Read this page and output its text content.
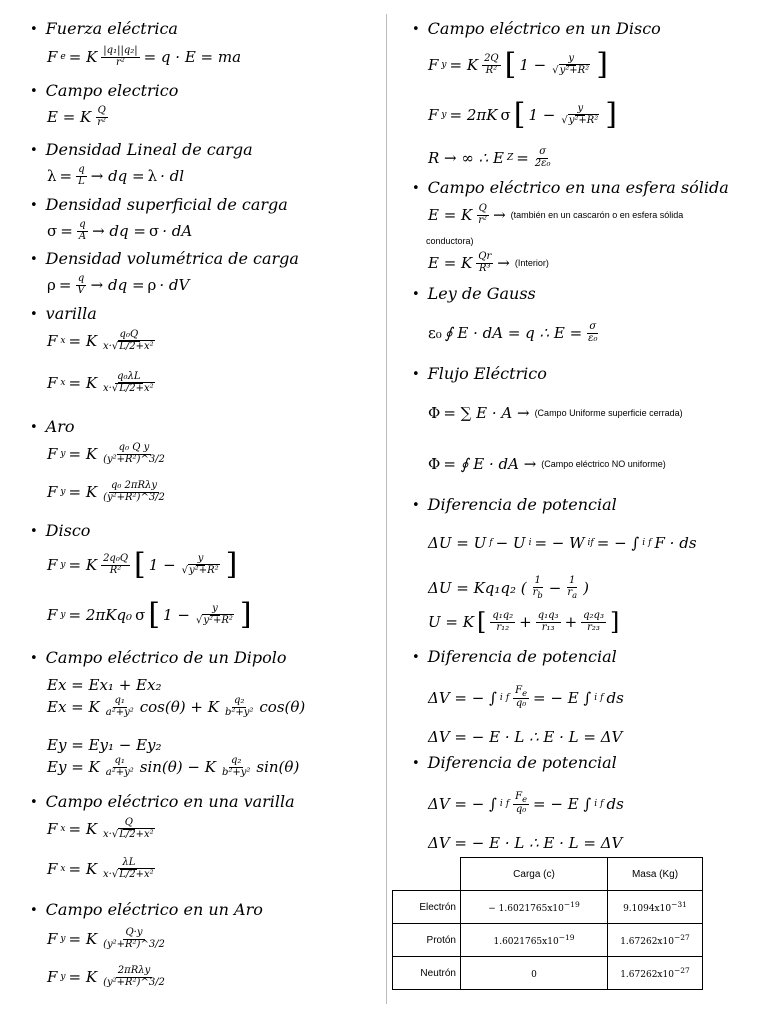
• Fuerza eléctrica
F e = K $\frac{\text{|q₁||q₂|}}{\text{r²}} = q \cdot E$ = ma
• Campo electrico
E = K $\frac{Q}{\text{r²}}$
• Densidad Lineal de carga
$\lambda = \frac{q}{L}$ → dq = λ · dl
• Densidad superficial de carga
$\sigma = \frac{q}{A}$ → dq = σ · dA
• Densidad volumétrica de carga
$\rho = \frac{q}{V}$ → dq = ρ · dV
• varilla
F x = K $\frac{\text{q₀Q}}{\text{x·√L/2+x²}}$
F x = K $\frac{\text{q₀λL}}{\text{x·√L/2+x²}}$
• Aro
F y = K $\frac{\text{q₀ Q y}}{\text{(y²+R²)\textasciicircum{}3/2}}$
F y = K $\frac{\text{q₀ 2πRλy}}{\text{(y²+R²)\textasciicircum{}3/2}}$
• Disco
F y = K $\frac{\text{2q₀Q}}{\text{R²}}$ [ $1 - \frac{y}{\text{√y²+R²}}$ ]
F y = 2πKq₀ σ [ $1 - \frac{y}{\text{√y²+R²}}$ ]
• Campo eléctrico de un Dipolo
Ex = Ex₁ + Ex₂
Ex = K $\frac{\text{q₁}}{\text{a²+y²}} \cos(\theta) + K \frac{\text{q₂}}{\text{b²+y²}} \cos(\theta)$
Ey = Ey₁ − Ey₂
Ey = K $\frac{\text{q₁}}{\text{a²+y²}} \sin(\theta) - K \frac{\text{q₂}}{\text{b²+y²}} \sin(\theta)$
• Campo eléctrico en una varilla
F x = K $\frac{Q}{\text{x·√L/2+x²}}$
F x = K $\frac{\lambda L}{\text{x·√L/2+x²}}$
• Campo eléctrico en un Aro
F y = K $\frac{Q\cdot y}{\text{(y²+R²)\textasciicircum{}3/2}}$
F y = K $\frac{\text{2πRλy}}{\text{(y²+R²)\textasciicircum{}3/2}}$
• Campo eléctrico en un Disco
F y = K $\frac{2Q}{\text{R²}}$ [ $1 - \frac{y}{\text{√y²+R²}}$ ]
F y = 2πK σ [ $1 - \frac{y}{\text{√y²+R²}}$ ]
R → ∞ ∴ E $Z = \frac{\sigma}{\text{2ε₀}}$
• Campo eléctrico en una esfera sólida
E = K $\frac{Q}{\text{r²}}$ → (también en un cascarón o en esfera sólida
conductora)
E = K $\frac{Qr}{\text{R³}}$ → (Interior)
• Ley de Gauss
ε₀ ∮ E · dA = q ∴ $E = \frac{\sigma}{\text{ε₀}}$
• Flujo Eléctrico
Φ = ∑ E · A → (Campo Uniforme superficie cerrada)
Φ = ∮ E · dA → (Campo eléctrico NO uniforme)
• Diferencia de potencial
ΔU = U f − U i = − W if = − ∫ i f F · ds
ΔU = Kq₁q₂ ( $\frac{1}{r_b} - \frac{1}{r_a}$ )
U = K [ $\frac{\text{q₁q₂}}{\text{r₁₂}} + \frac{\text{q₁q₃}}{\text{r₁₃}} + \frac{\text{q₂q₃}}{\text{r₂₃}}$ ]
• Diferencia de potencial
ΔV = − ∫ i f $\frac{F_e}{\text{q₀}}$ = − E ∫ i f ds
ΔV = − E · L ∴ E · L = ΔV
• Diferencia de potencial
ΔV = − ∫ i f $\frac{F_e}{\text{q₀}}$ = − E ∫ i f ds
ΔV = − E · L ∴ E · L = ΔV
	Carga (c)	Masa (Kg)
Electrón	− $1.6021765x10^{-19}$	$9.1094x10^{-31}$
Protón	$1.6021765x10^{-19}$	$1.67262x10^{-27}$
Neutrón	0	$1.67262x10^{-27}$
